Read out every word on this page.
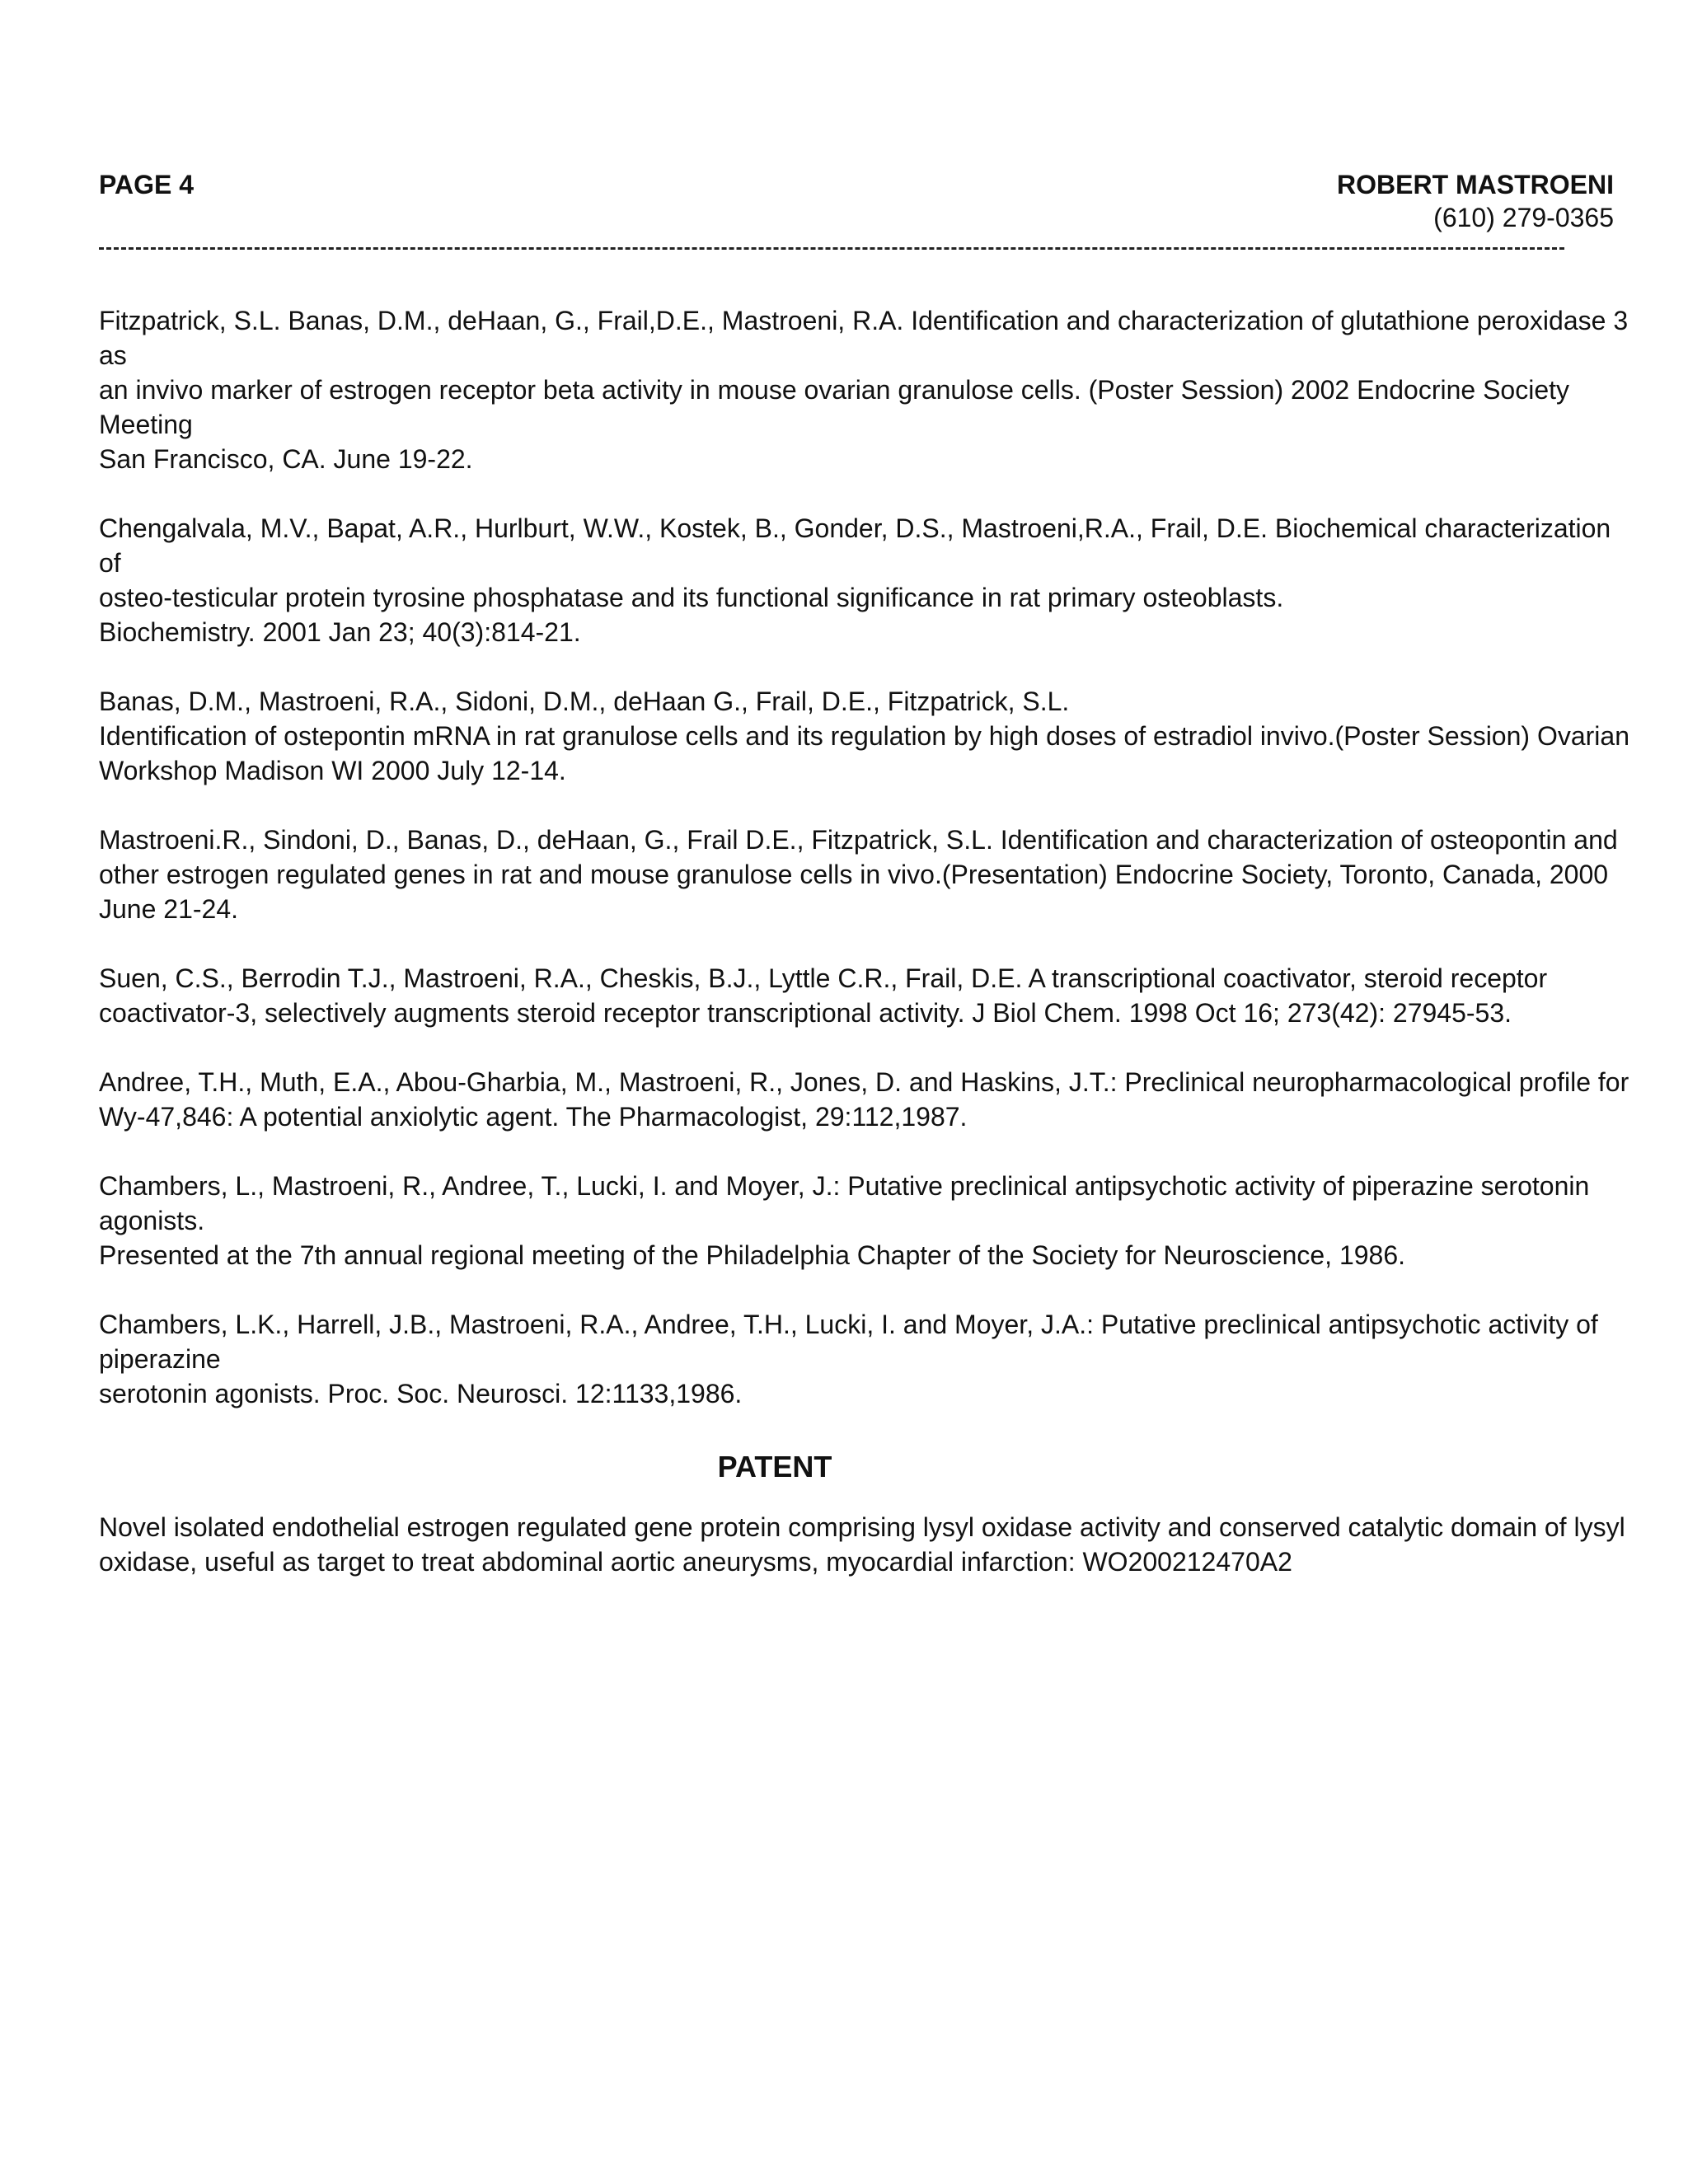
PAGE 4	ROBERT MASTROENI
(610) 279-0365

Fitzpatrick, S.L. Banas, D.M., deHaan, G., Frail,D.E., Mastroeni, R.A. Identification and characterization of glutathione peroxidase 3 as
an invivo marker of estrogen receptor beta activity in mouse ovarian granulose cells. (Poster Session) 2002 Endocrine Society Meeting
San Francisco, CA. June 19-22.

Chengalvala, M.V., Bapat, A.R., Hurlburt, W.W., Kostek, B., Gonder, D.S., Mastroeni,R.A., Frail, D.E. Biochemical characterization of
osteo-testicular protein tyrosine phosphatase and its functional significance in rat primary osteoblasts.
Biochemistry. 2001 Jan 23; 40(3):814-21.

Banas, D.M., Mastroeni, R.A., Sidoni, D.M., deHaan G., Frail, D.E., Fitzpatrick, S.L.
Identification of ostepontin mRNA in rat granulose cells and its regulation by high doses of estradiol invivo.(Poster Session) Ovarian
Workshop Madison WI 2000 July 12-14.

Mastroeni.R., Sindoni, D., Banas, D., deHaan, G., Frail D.E., Fitzpatrick, S.L. Identification and characterization of osteopontin and
other estrogen regulated genes in rat and mouse granulose cells in vivo.(Presentation) Endocrine Society, Toronto, Canada, 2000
June 21-24.

Suen, C.S., Berrodin T.J., Mastroeni, R.A., Cheskis, B.J., Lyttle C.R., Frail, D.E. A transcriptional coactivator, steroid receptor
coactivator-3, selectively augments steroid receptor transcriptional activity. J Biol Chem. 1998 Oct 16; 273(42): 27945-53.

Andree, T.H., Muth, E.A., Abou-Gharbia, M., Mastroeni, R., Jones, D. and Haskins, J.T.: Preclinical neuropharmacological profile for
Wy-47,846: A potential anxiolytic agent. The Pharmacologist, 29:112,1987.

Chambers, L., Mastroeni, R., Andree, T., Lucki, I. and Moyer, J.: Putative preclinical antipsychotic activity of piperazine serotonin agonists.
Presented at the 7th annual regional meeting of the Philadelphia Chapter of the Society for Neuroscience, 1986.

Chambers, L.K., Harrell, J.B., Mastroeni, R.A., Andree, T.H., Lucki, I. and Moyer, J.A.: Putative preclinical antipsychotic activity of piperazine
serotonin agonists. Proc. Soc. Neurosci. 12:1133,1986.

PATENT
Novel isolated endothelial estrogen regulated gene protein comprising lysyl oxidase activity and conserved catalytic domain of lysyl
oxidase, useful as target to treat abdominal aortic aneurysms, myocardial infarction: WO200212470A2
